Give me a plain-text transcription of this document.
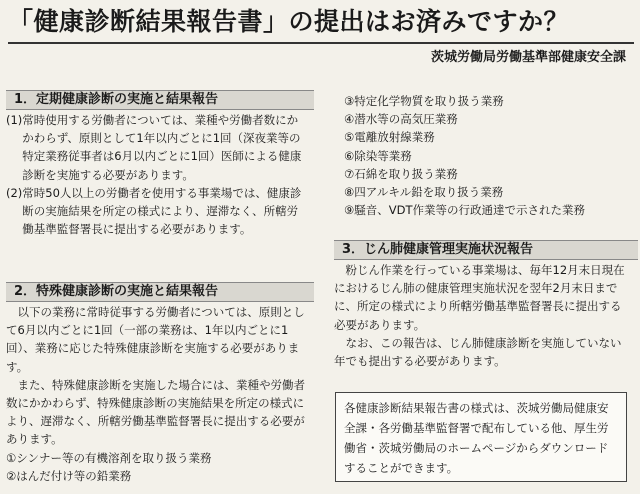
「健康診断結果報告書」の提出はお済みですか？
茨城労働局労働基準部健康安全課
1．定期健康診断の実施と結果報告
(1) 常時使用する労働者については、業種や労働者数にかかわらず、原則として1年以内ごとに1回（深夜業等の特定業務従事者は6月以内ごとに1回）医師による健康診断を実施する必要があります。
(2) 常時50人以上の労働者を使用する事業場では、健康診断の実施結果を所定の様式により、遅滞なく、所轄労働基準監督署長に提出する必要があります。
2．特殊健康診断の実施と結果報告
以下の業務に常時従事する労働者については、原則として6月以内ごとに1回（一部の業務は、1年以内ごとに1回）、業務に応じた特殊健康診断を実施する必要があります。
また、特殊健康診断を実施した場合には、業種や労働者数にかかわらず、特殊健康診断の実施結果を所定の様式により、遅滞なく、所轄労働基準監督署長に提出する必要があります。
①シンナー等の有機溶剤を取り扱う業務
②はんだ付け等の鉛業務
③特定化学物質を取り扱う業務
④潜水等の高気圧業務
⑤電離放射線業務
⑥除染等業務
⑦石綿を取り扱う業務
⑧四アルキル鉛を取り扱う業務
⑨騒音、VDT作業等の行政通達で示された業務
3．じん肺健康管理実施状況報告
粉じん作業を行っている事業場は、毎年12月末日現在におけるじん肺の健康管理実施状況を翌年2月末日までに、所定の様式により所轄労働基準監督署長に提出する必要があります。
なお、この報告は、じん肺健康診断を実施していない年でも提出する必要があります。
各健康診断結果報告書の様式は、茨城労働局健康安全課・各労働基準監督署で配布している他、厚生労働省・茨城労働局のホームページからダウンロードすることができます。
